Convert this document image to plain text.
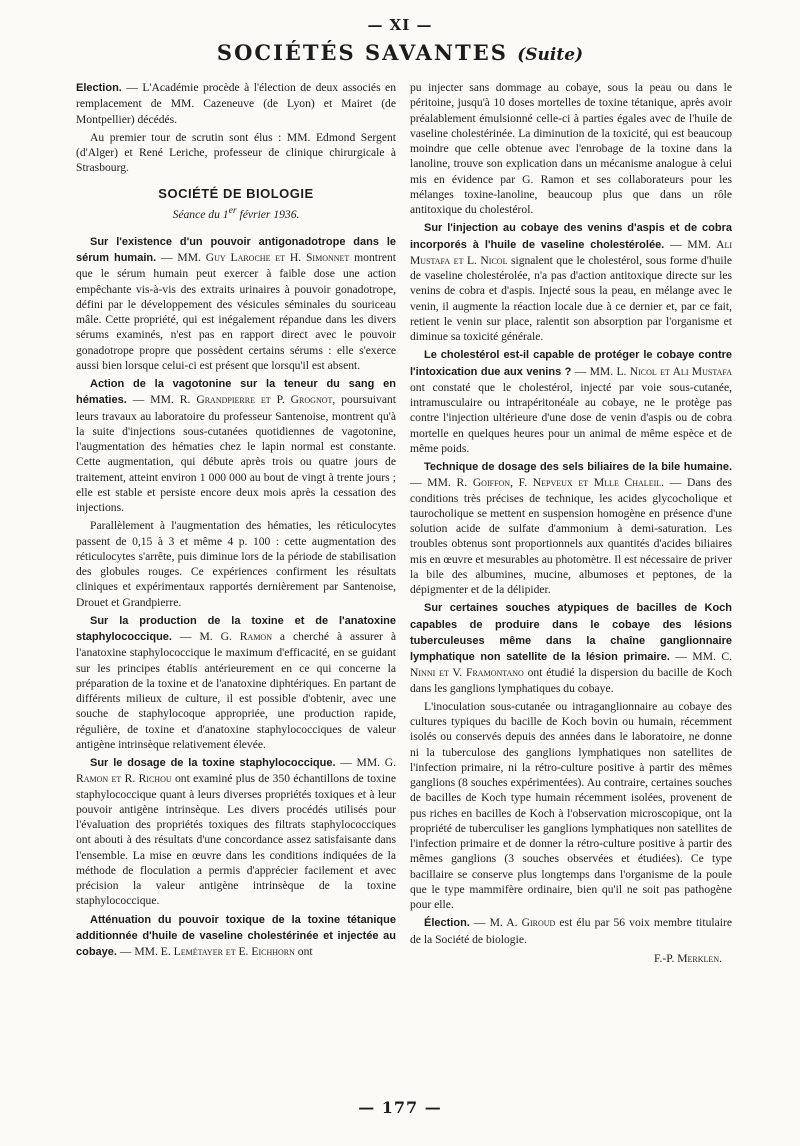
— XI —
SOCIÉTÉS SAVANTES (Suite)

Election. — L'Académie procède à l'élection de deux associés en remplacement de MM. Cazeneuve (de Lyon) et Mairet (de Montpellier) décédés.

Au premier tour de scrutin sont élus : MM. Edmond Sergent (d'Alger) et René Leriche, professeur de clinique chirurgicale à Strasbourg.

SOCIÉTÉ DE BIOLOGIE
Séance du 1er février 1936.

Sur l'existence d'un pouvoir antigonadotrope dans le sérum humain. — MM. Guy Laroche et H. Simonnet montrent que le sérum humain peut exercer à faible dose une action empêchante vis-à-vis des extraits urinaires à pouvoir gonadotrope, défini par le développement des vésicules séminales du souriceau mâle. Cette propriété, qui est inégalement répandue dans les divers sérums examinés, n'est pas en rapport direct avec le pouvoir gonadotrope propre que possèdent certains sérums : elle s'exerce aussi bien lorsque celui-ci est présent que lorsqu'il est absent.

Action de la vagotonine sur la teneur du sang en hématies. — MM. R. Grandpierre et P. Grognot, poursuivant leurs travaux au laboratoire du professeur Santenoise, montrent qu'à la suite d'injections sous-cutanées quotidiennes de vagotonine, l'augmentation des hématies chez le lapin normal est constante. Cette augmentation, qui débute après trois ou quatre jours de traitement, atteint environ 1 000 000 au bout de vingt à trente jours ; elle est stable et persiste encore deux mois après la cessation des injections.

Parallèlement à l'augmentation des hématies, les réticulocytes passent de 0,15 à 3 et même 4 p. 100 : cette augmentation des réticulocytes s'arrête, puis diminue lors de la période de stabilisation des globules rouges. Ce expériences confirment les résultats cliniques et expérimentaux rapportés dernièrement par Santenoise, Drouet et Grandpierre.

Sur la production de la toxine et de l'anatoxine staphylococcique. — M. G. Ramon a cherché à assurer à l'anatoxine staphylococcique le maximum d'efficacité, en se guidant sur les principes établis antérieurement en ce qui concerne la préparation de la toxine et de l'anatoxine diphtériques. En partant de différents milieux de culture, il est possible d'obtenir, avec une souche de staphylocoque appropriée, une production rapide, régulière, de toxine et d'anatoxine staphylococciques de valeur antigène intrinsèque relativement élevée.

Sur le dosage de la toxine staphylococcique. — MM. G. Ramon et R. Richou ont examiné plus de 350 échantillons de toxine staphylococcique quant à leurs diverses propriétés toxiques et à leur pouvoir antigène intrinsèque. Les divers procédés utilisés pour l'évaluation des propriétés toxiques des filtrats staphylococciques ont abouti à des résultats d'une concordance assez satisfaisante dans l'ensemble. La mise en œuvre dans les conditions indiquées de la méthode de floculation a permis d'apprécier facilement et avec précision la valeur antigène intrinsèque de la toxine staphylococcique.

Atténuation du pouvoir toxique de la toxine tétanique additionnée d'huile de vaseline cholestérinée et injectée au cobaye. — MM. E. Lemétayer et E. Eichhorn ont

pu injecter sans dommage au cobaye, sous la peau ou dans le péritoine, jusqu'à 10 doses mortelles de toxine tétanique, après avoir préalablement émulsionné celle-ci à parties égales avec de l'huile de vaseline cholestérinée. La diminution de la toxicité, qui est beaucoup moindre que celle obtenue avec l'enrobage de la toxine dans la lanoline, trouve son explication dans un mécanisme analogue à celui mis en évidence par G. Ramon et ses collaborateurs pour les mélanges toxine-lanoline, beaucoup plus que dans un rôle antitoxique du cholestérol.

Sur l'injection au cobaye des venins d'aspis et de cobra incorporés à l'huile de vaseline cholestérolée. — MM. Ali Mustafa et L. Nicol signalent que le cholestérol, sous forme d'huile de vaseline cholestérolée, n'a pas d'action antitoxique directe sur les venins de cobra et d'aspis. Injecté sous la peau, en mélange avec le venin, il augmente la réaction locale due à ce dernier et, par ce fait, retient le venin sur place, ralentit son absorption par l'organisme et diminue sa toxicité générale.

Le cholestérol est-il capable de protéger le cobaye contre l'intoxication due aux venins ? — MM. L. Nicol et Ali Mustafa ont constaté que le cholestérol, injecté par voie sous-cutanée, intramusculaire ou intrapéritonéale au cobaye, ne le protège pas contre l'injection ultérieure d'une dose de venin d'aspis ou de cobra mortelle en quelques heures pour un animal de même espèce et de même poids.

Technique de dosage des sels biliaires de la bile humaine. — MM. R. Goiffon, F. Nepveux et Mlle Chaleil. — Dans des conditions très précises de technique, les acides glycocholique et taurocholique se mettent en suspension homogène en présence d'une solution acide de sulfate d'ammonium à demi-saturation. Les troubles obtenus sont proportionnels aux quantités d'acides biliaires mis en œuvre et mesurables au photomètre. Il est nécessaire de priver la bile des albumines, mucine, albumoses et peptones, de la dépigmenter et de la délipider.

Sur certaines souches atypiques de bacilles de Koch capables de produire dans le cobaye des lésions tuberculeuses même dans la chaîne ganglionnaire lymphatique non satellite de la lésion primaire. — MM. C. Ninni et V. Framontano ont étudié la dispersion du bacille de Koch dans les ganglions lymphatiques du cobaye.

L'inoculation sous-cutanée ou intraganglionnaire au cobaye des cultures typiques du bacille de Koch bovin ou humain, récemment isolés ou conservés depuis des années dans le laboratoire, ne donne ni la tuberculose des ganglions lymphatiques non satellites de l'infection primaire, ni la rétro-culture positive à partir des mêmes ganglions (8 souches expérimentées). Au contraire, certaines souches de bacilles de Koch type humain récemment isolées, provenent de pus riches en bacilles de Koch à l'observation microscopique, ont la propriété de tuberculiser les ganglions lymphatiques non satellites de l'infection primaire et de donner la rétro-culture positive à partir des mêmes ganglions (3 souches observées et étudiées). Ce type bacillaire se conserve plus longtemps dans l'organisme de la poule que le type mammifère ordinaire, bien qu'il ne soit pas pathogène pour elle.

Élection. — M. A. Giroud est élu par 56 voix membre titulaire de la Société de biologie.

F.-P. Merklen.
— 177 —
